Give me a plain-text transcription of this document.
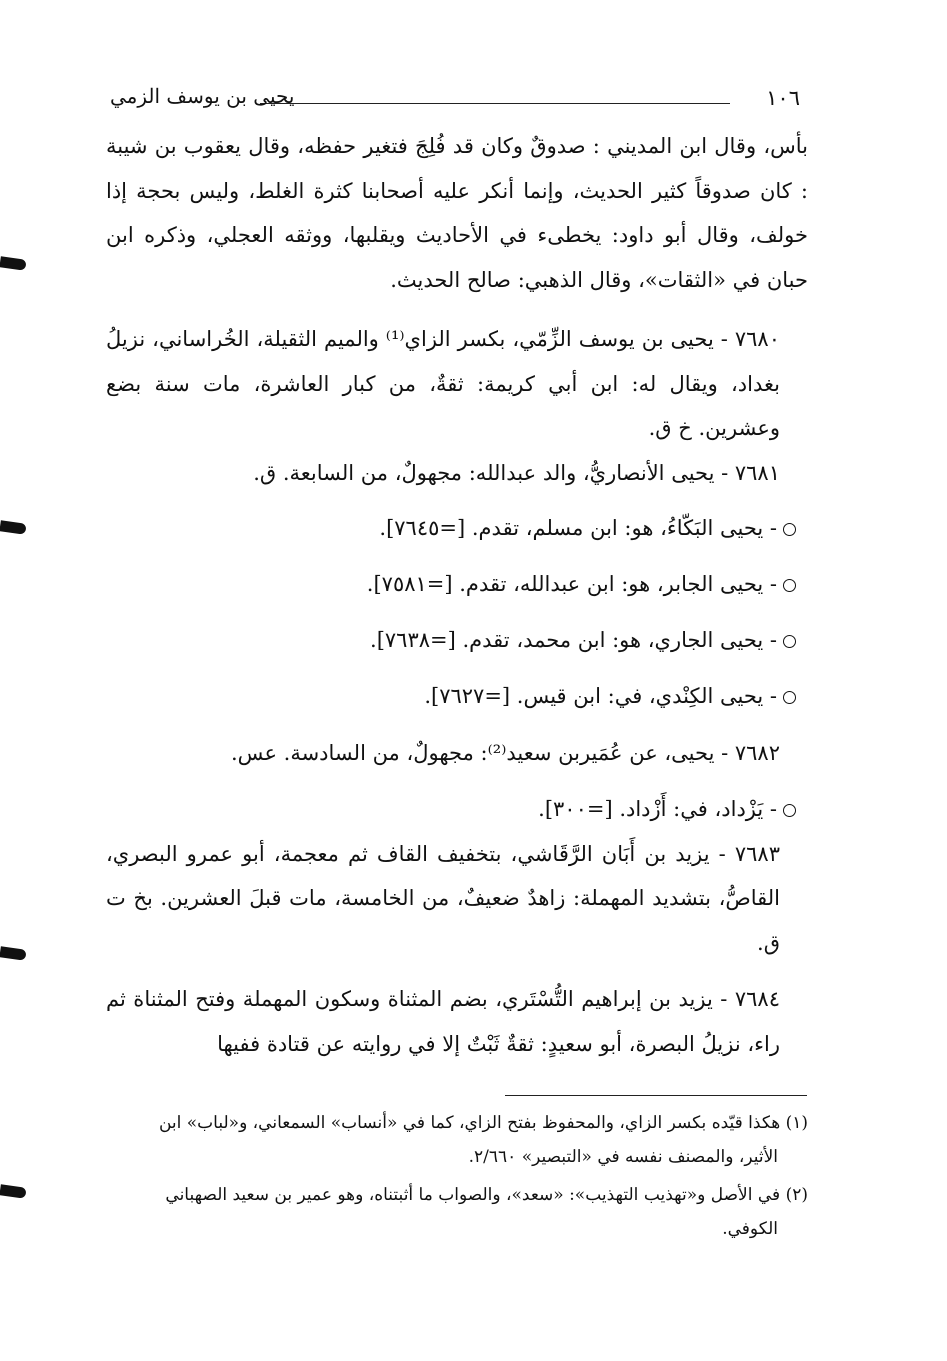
١٠٦
يحيى بن يوسف الزمي

بأس، وقال ابن المديني : صدوقٌ وكان قد فُلِجَ فتغير حفظه، وقال يعقوب بن شيبة : كان صدوقاً كثير الحديث، وإنما أنكر عليه أصحابنا كثرة الغلط، وليس بحجة إذا خولف، وقال أبو داود: يخطىء في الأحاديث ويقلبها، ووثقه العجلي، وذكره ابن حبان في «الثقات»، وقال الذهبي: صالح الحديث.

٧٦٨٠ - يحيى بن يوسف الزِّمّي، بكسر الزاي⁽¹⁾ والميم الثقيلة، الخُراساني، نزيلُ بغداد، ويقال له: ابن أبي كريمة: ثقةٌ، من كبار العاشرة، مات سنة بضع وعشرين. خ ق.

٧٦٨١ - يحيى الأنصاريُّ، والد عبدالله: مجهولٌ، من السابعة. ق.

- يحيى البَكّاءُ، هو: ابن مسلم، تقدم. [=٧٦٤٥].

- يحيى الجابر، هو: ابن عبدالله، تقدم. [=٧٥٨١].

- يحيى الجاري، هو: ابن محمد، تقدم. [=٧٦٣٨].

- يحيى الكِنْدي، في: ابن قيس. [=٧٦٢٧].

٧٦٨٢ - يحيى، عن عُمَيربن سعيد⁽²⁾: مجهولٌ، من السادسة. عس.

- يَزْداد، في: أَزْداد. [=٣٠٠].

٧٦٨٣ - يزيد بن أَبَان الرَّقَاشي، بتخفيف القاف ثم معجمة، أبو عمرو البصري، القاصُّ، بتشديد المهملة: زاهدٌ ضعيفٌ، من الخامسة، مات قبلَ العشرين. بخ ت ق.

٧٦٨٤ - يزيد بن إبراهيم التُّسْتَري، بضم المثناة وسكون المهملة وفتح المثناة ثم راء، نزيلُ البصرة، أبو سعيدٍ: ثقةٌ ثَبْتٌ إلا في روايته عن قتادة ففيها

(١) هكذا قيّده بكسر الزاي، والمحفوظ بفتح الزاي، كما في «أنساب» السمعاني، و«لباب» ابن
الأثير، والمصنف نفسه في «التبصير» ٢/٦٦٠.

(٢) في الأصل و«تهذيب التهذيب»: «سعد»، والصواب ما أثبتناه، وهو عمير بن سعيد الصهباني
الكوفي.
